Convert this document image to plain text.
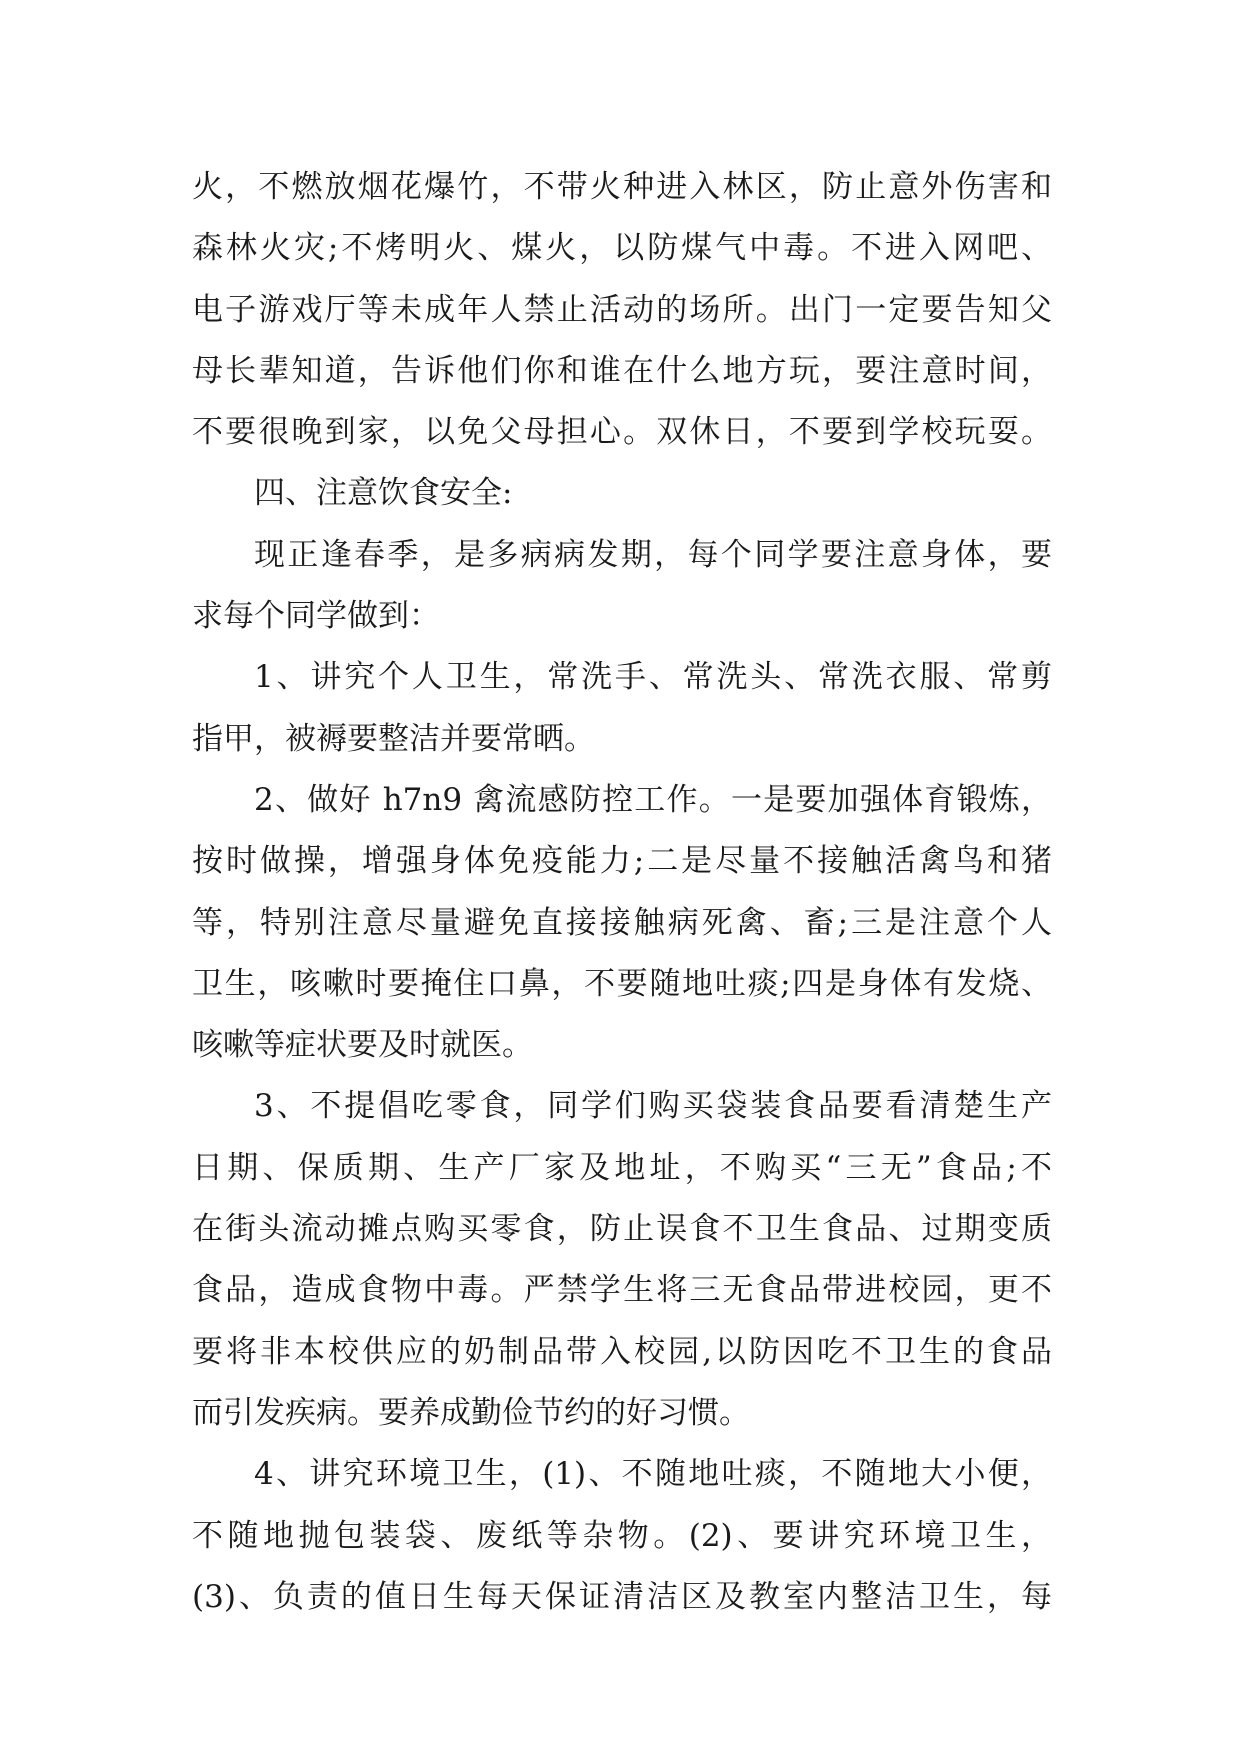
火，不燃放烟花爆竹，不带火种进入林区，防止意外伤害和
森林火灾;不烤明火、煤火，以防煤气中毒。不进入网吧、
电子游戏厅等未成年人禁止活动的场所。出门一定要告知父
母长辈知道，告诉他们你和谁在什么地方玩，要注意时间，
不要很晚到家，以免父母担心。双休日，不要到学校玩耍。
四、注意饮食安全:
现正逢春季，是多病病发期，每个同学要注意身体，要
求每个同学做到：
1、讲究个人卫生，常洗手、常洗头、常洗衣服、常剪
指甲，被褥要整洁并要常晒。
2、做好 h7n9 禽流感防控工作。一是要加强体育锻炼，
按时做操，增强身体免疫能力;二是尽量不接触活禽鸟和猪
等，特别注意尽量避免直接接触病死禽、畜;三是注意个人
卫生，咳嗽时要掩住口鼻，不要随地吐痰;四是身体有发烧、
咳嗽等症状要及时就医。
3、不提倡吃零食，同学们购买袋装食品要看清楚生产
日期、保质期、生产厂家及地址，不购买“三无”食品;不
在街头流动摊点购买零食，防止误食不卫生食品、过期变质
食品，造成食物中毒。严禁学生将三无食品带进校园，更不
要将非本校供应的奶制品带入校园,以防因吃不卫生的食品
而引发疾病。要养成勤俭节约的好习惯。
4、讲究环境卫生，(1)、不随地吐痰，不随地大小便，
不随地抛包装袋、废纸等杂物。(2)、要讲究环境卫生，
(3)、负责的值日生每天保证清洁区及教室内整洁卫生，每
